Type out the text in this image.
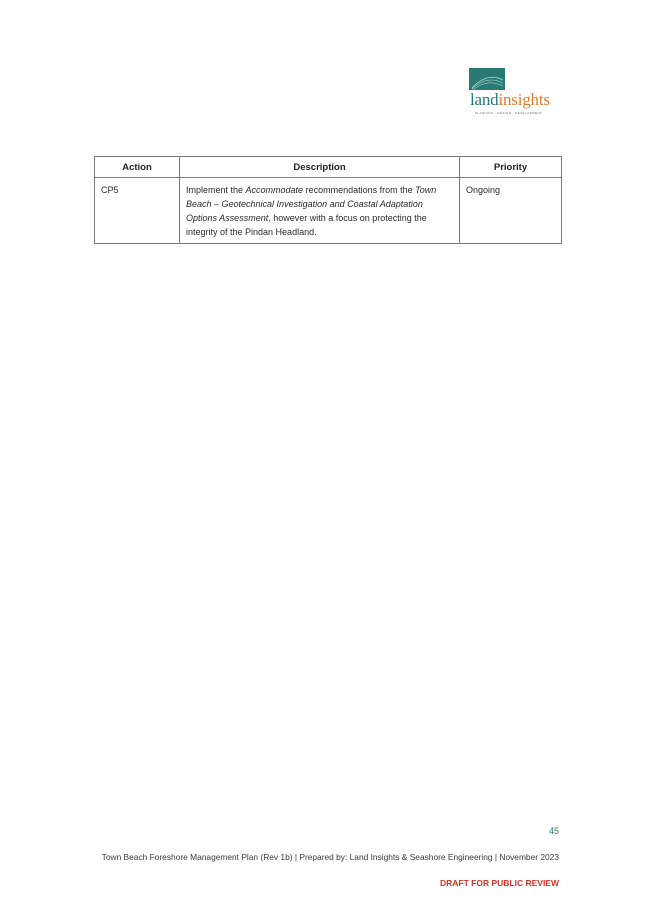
landinsights
PLANNING · DESIGN · DEVELOPMENT
Action	Description	Priority
CP5	Implement the Accommodate recommendations from the Town Beach – Geotechnical Investigation and Coastal Adaptation Options Assessment, however with a focus on protecting the integrity of the Pindan Headland.	Ongoing
45
Town Beach Foreshore Management Plan (Rev 1b) | Prepared by: Land Insights & Seashore Engineering | November 2023
DRAFT FOR PUBLIC REVIEW
